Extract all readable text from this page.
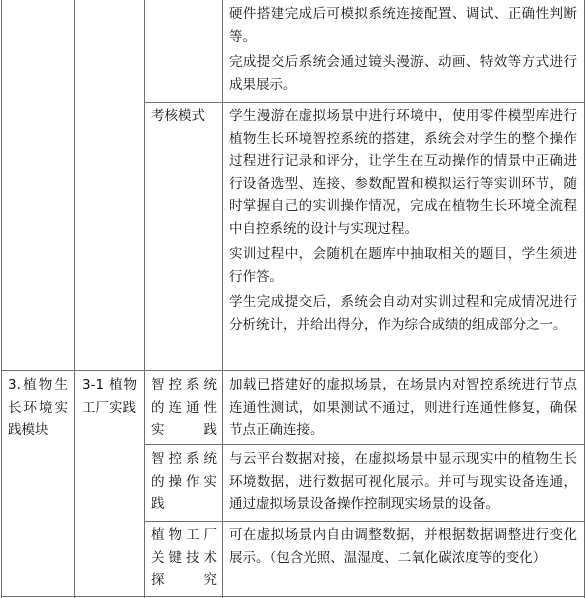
硬件搭建完成后可模拟系统连接配置、调试、正确性判断等。

完成提交后系统会通过镜头漫游、动画、特效等方式进行成果展示。

考核模式	学生漫游在虚拟场景中进行环境中，使用零件模型库进行植物生长环境智控系统的搭建，系统会对学生的整个操作过程进行记录和评分，让学生在互动操作的情景中正确进行设备选型、连接、参数配置和模拟运行等实训环节，随时掌握自己的实训操作情况，完成在植物生长环境全流程中自控系统的设计与实现过程。

实训过程中，会随机在题库中抽取相关的题目，学生须进行作答。

学生完成提交后，系统会自动对实训过程和完成情况进行分析统计，并给出得分，作为综合成绩的组成部分之一。

3.植物生长环境实践模块
3-1 植物工厂实践
智控系统的连通性实践
加载已搭建好的虚拟场景，在场景内对智控系统进行节点连通性测试，如果测试不通过，则进行连通性修复，确保节点正确连接。
智控系统的操作实践
与云平台数据对接，在虚拟场景中显示现实中的植物生长环境数据，进行数据可视化展示。并可与现实设备连通，通过虚拟场景设备操作控制现实场景的设备。
植物工厂关键技术探究
可在虚拟场景内自由调整数据，并根据数据调整进行变化展示。（包含光照、温湿度、二氧化碳浓度等的变化）
